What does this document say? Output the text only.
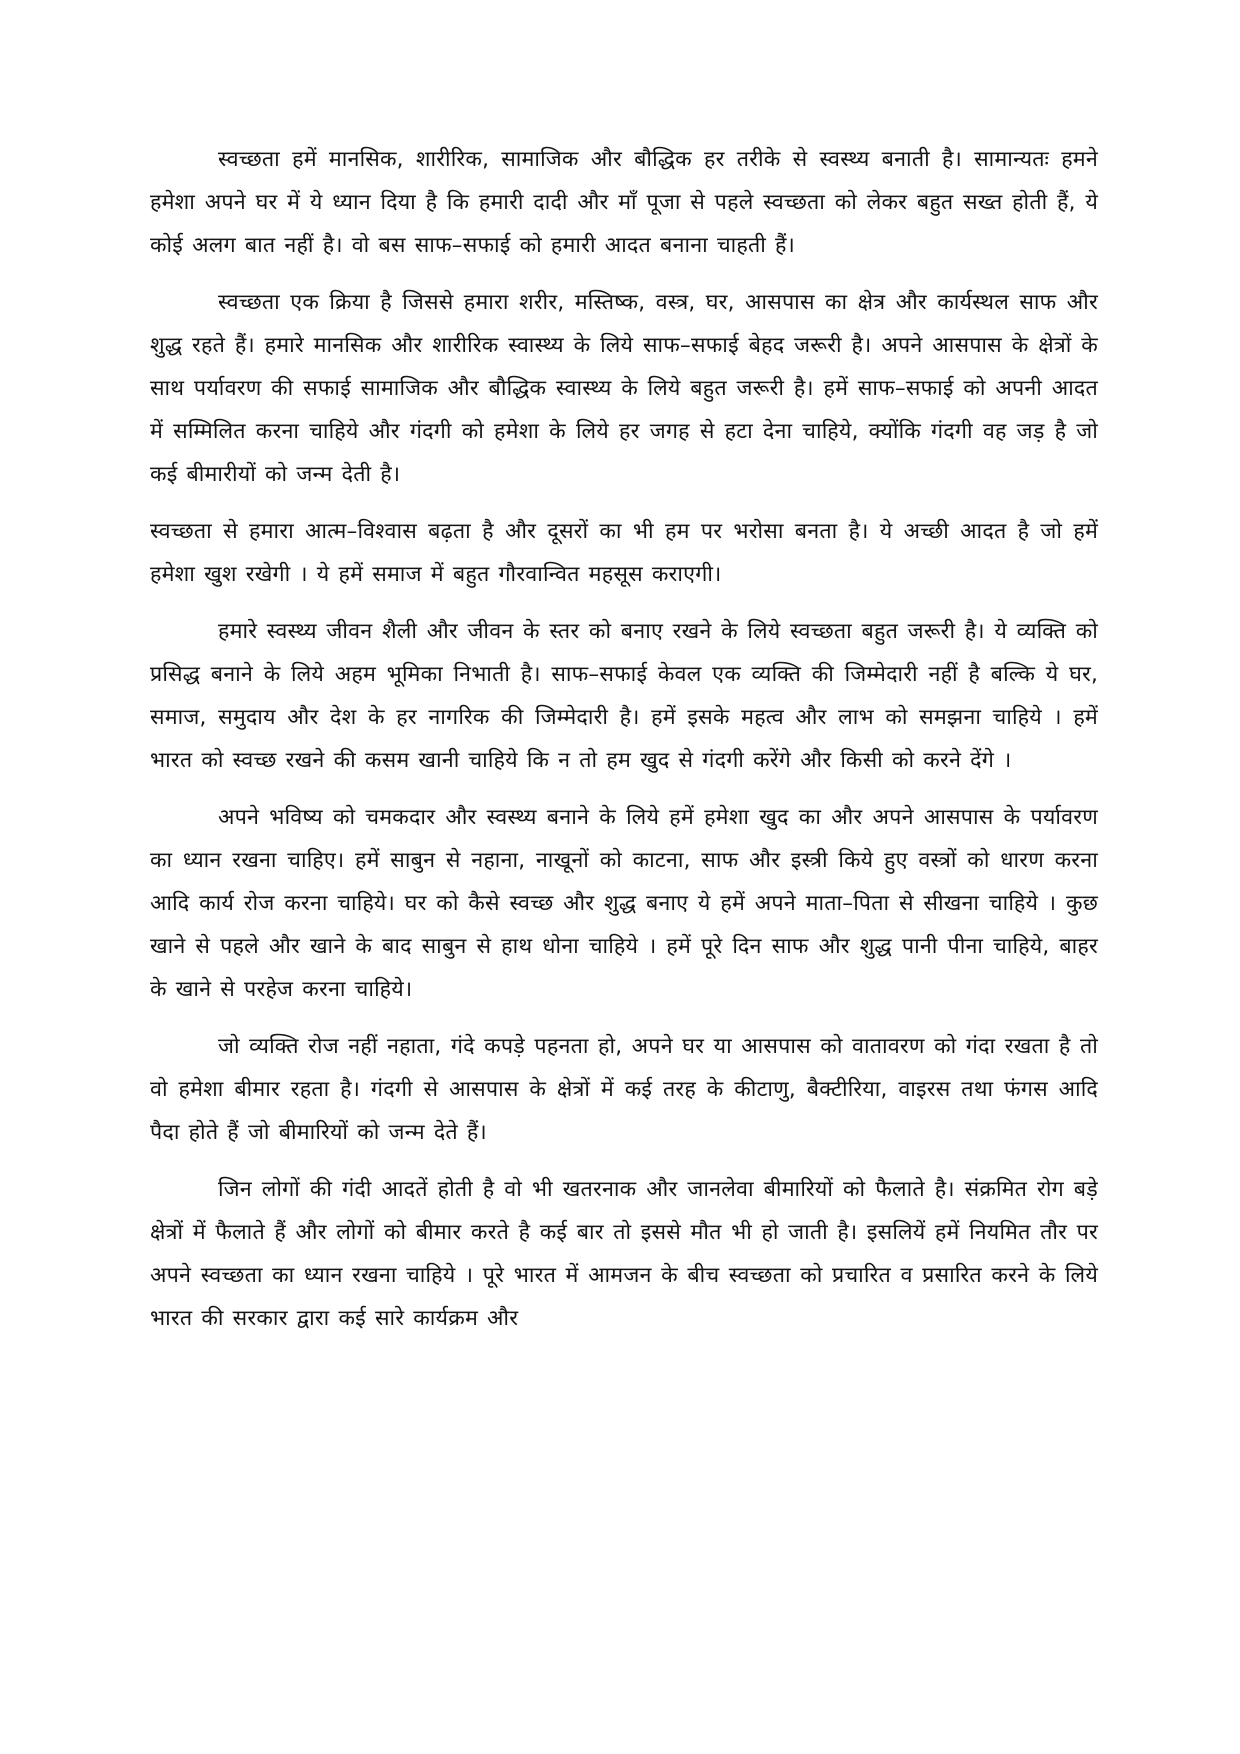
स्वच्छता हमें मानसिक, शारीरिक, सामाजिक और बौद्धिक हर तरीके से स्वस्थ्य बनाती है। सामान्यतः हमने हमेशा अपने घर में ये ध्यान दिया है कि हमारी दादी और माँ पूजा से पहले स्वच्छता को लेकर बहुत सख्त होती हैं, ये कोई अलग बात नहीं है। वो बस साफ–सफाई को हमारी आदत बनाना चाहती हैं।

स्वच्छता एक क्रिया है जिससे हमारा शरीर, मस्तिष्क, वस्त्र, घर, आसपास का क्षेत्र और कार्यस्थल साफ और शुद्ध रहते हैं। हमारे मानसिक और शारीरिक स्वास्थ्य के लिये साफ–सफाई बेहद जरूरी है। अपने आसपास के क्षेत्रों के साथ पर्यावरण की सफाई सामाजिक और बौद्धिक स्वास्थ्य के लिये बहुत जरूरी है। हमें साफ–सफाई को अपनी आदत में सम्मिलित करना चाहिये और गंदगी को हमेशा के लिये हर जगह से हटा देना चाहिये, क्योंकि गंदगी वह जड़ है जो कई बीमारीयों को जन्म देती है।

स्वच्छता से हमारा आत्म–विश्वास बढ़ता है और दूसरों का भी हम पर भरोसा बनता है। ये अच्छी आदत है जो हमें हमेशा खुश रखेगी । ये हमें समाज में बहुत गौरवान्वित महसूस कराएगी।

हमारे स्वस्थ्य जीवन शैली और जीवन के स्तर को बनाए रखने के लिये स्वच्छता बहुत जरूरी है। ये व्यक्ति को प्रसिद्ध बनाने के लिये अहम भूमिका निभाती है। साफ–सफाई केवल एक व्यक्ति की जिम्मेदारी नहीं है बल्कि ये घर, समाज, समुदाय और देश के हर नागरिक की जिम्मेदारी है। हमें इसके महत्व और लाभ को समझना चाहिये । हमें भारत को स्वच्छ रखने की कसम खानी चाहिये कि न तो हम खुद से गंदगी करेंगे और किसी को करने देंगे ।

अपने भविष्य को चमकदार और स्वस्थ्य बनाने के लिये हमें हमेशा खुद का और अपने आसपास के पर्यावरण का ध्यान रखना चाहिए। हमें साबुन से नहाना, नाखूनों को काटना, साफ और इस्त्री किये हुए वस्त्रों को धारण करना आदि कार्य रोज करना चाहिये। घर को कैसे स्वच्छ और शुद्ध बनाए ये हमें अपने माता–पिता से सीखना चाहिये । कुछ खाने से पहले और खाने के बाद साबुन से हाथ धोना चाहिये । हमें पूरे दिन साफ और शुद्ध पानी पीना चाहिये, बाहर के खाने से परहेज करना चाहिये।

जो व्यक्ति रोज नहीं नहाता, गंदे कपड़े पहनता हो, अपने घर या आसपास को वातावरण को गंदा रखता है तो वो हमेशा बीमार रहता है। गंदगी से आसपास के क्षेत्रों में कई तरह के कीटाणु, बैक्टीरिया, वाइरस तथा फंगस आदि पैदा होते हैं जो बीमारियों को जन्म देते हैं।

जिन लोगों की गंदी आदतें होती है वो भी खतरनाक और जानलेवा बीमारियों को फैलाते है। संक्रमित रोग बड़े क्षेत्रों में फैलाते हैं और लोगों को बीमार करते है कई बार तो इससे मौत भी हो जाती है। इसलियें हमें नियमित तौर पर अपने स्वच्छता का ध्यान रखना चाहिये । पूरे भारत में आमजन के बीच स्वच्छता को प्रचारित व प्रसारित करने के लिये भारत की सरकार द्वारा कई सारे कार्यक्रम और
